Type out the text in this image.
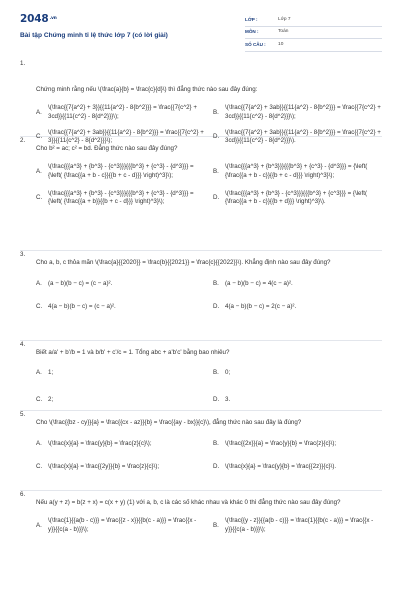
2048.vn
Bài tập Chứng minh tỉ lệ thức lớp 7 (có lời giải)
LỚP :	Lớp 7
MÔN :	Toán
SỐ CÂU :	10
1.
Chứng minh rằng nếu \(\frac{a}{b} = \frac{c}{d}\) thì đẳng thức nào sau đây đúng:
A.
\(\frac{{7{a^2} + 3}}{{11{a^2} - 8{b^2}}} = \frac{{7{c^2} + 3cd}}{{11{c^2} - 8{d^2}}}\);
B.
\(\frac{{7{a^2} + 3ab}}{{11{a^2} - 8{b^2}}} = \frac{{7{c^2} + 3cd}}{{11{c^2} - 8{d^2}}}\);
C.
\(\frac{{7{a^2} + 3ab}}{{11{a^2} - 8{b^2}}} = \frac{{7{c^2} + 3}}{{11{c^2} - 8{d^2}}}\);
D.
\(\frac{{7{a^2} + 3ab}}{{11{a^2} - 8{b^2}}} = \frac{{7{c^2} + 3cd}}{{11{c^2} - 8{d^2}}}\).
2.
Cho b² = ac; c² = bd. Đẳng thức nào sau đây đúng?
A.
\(\frac{{{a^3} + {b^3} - {c^3}}}{{{b^3} + {c^3} - {d^3}}} = {\left( {\frac{{a + b - c}}{{b + c - d}}} \right)^3}\);
B.
\(\frac{{{a^3} + {b^3}}}{{{b^3} + {c^3} - {d^3}}} = {\left( {\frac{{a + b - c}}{{b + c - d}}} \right)^3}\);
C.
\(\frac{{{a^3} + {b^3} - {c^3}}}{{{b^3} + {c^3} - {d^3}}} = {\left( {\frac{{a + b}}{{b + c - d}}} \right)^3}\);
D.
\(\frac{{{a^3} + {b^3} - {c^3}}}{{{b^3} + {c^3}}} = {\left( {\frac{{a + b - c}}{{b + d}}} \right)^3}\).
3.
Cho a, b, c thỏa mãn \(\frac{a}{{2020}} = \frac{b}{{2021}} = \frac{c}{{2022}}\). Khẳng định nào sau đây đúng?
A. (a − b)(b − c) = (c − a)².	B. (a − b)(b − c) = 4(c − a)².
C. 4(a − b)(b − c) = (c − a)².	D. 4(a − b)(b − c) = 2(c − a)².
4.
Biết a/a' + b'/b = 1 và b/b' + c'/c = 1. Tổng abc + a'b'c' bằng bao nhiêu?
A. 1;	B. 0;
C. 2;	D. 3.
5.
Cho \(\frac{{bz - cy}}{a} = \frac{{cx - az}}{b} = \frac{{ay - bx}}{c}\), đẳng thức nào sau đây là đúng?
A. \(\frac{x}{a} = \frac{y}{b} = \frac{z}{c}\);	B. \(\frac{{2x}}{a} = \frac{y}{b} = \frac{z}{c}\);
C. \(\frac{x}{a} = \frac{{2y}}{b} = \frac{z}{c}\);	D. \(\frac{x}{a} = \frac{y}{b} = \frac{{2z}}{c}\).
6.
Nếu a(y + z) = b(z + x) = c(x + y) (1) với a, b, c là các số khác nhau và khác 0 thì đẳng thức nào sau đây đúng?
A.
\(\frac{1}{{a(b - c)}} = \frac{{z - x}}{{b(c - a)}} = \frac{{x - y}}{{c(a - b)}}\);
B.
\(\frac{{y - z}}{{a(b - c)}} = \frac{1}{{b(c - a)}} = \frac{{x - y}}{{c(a - b)}}\);
